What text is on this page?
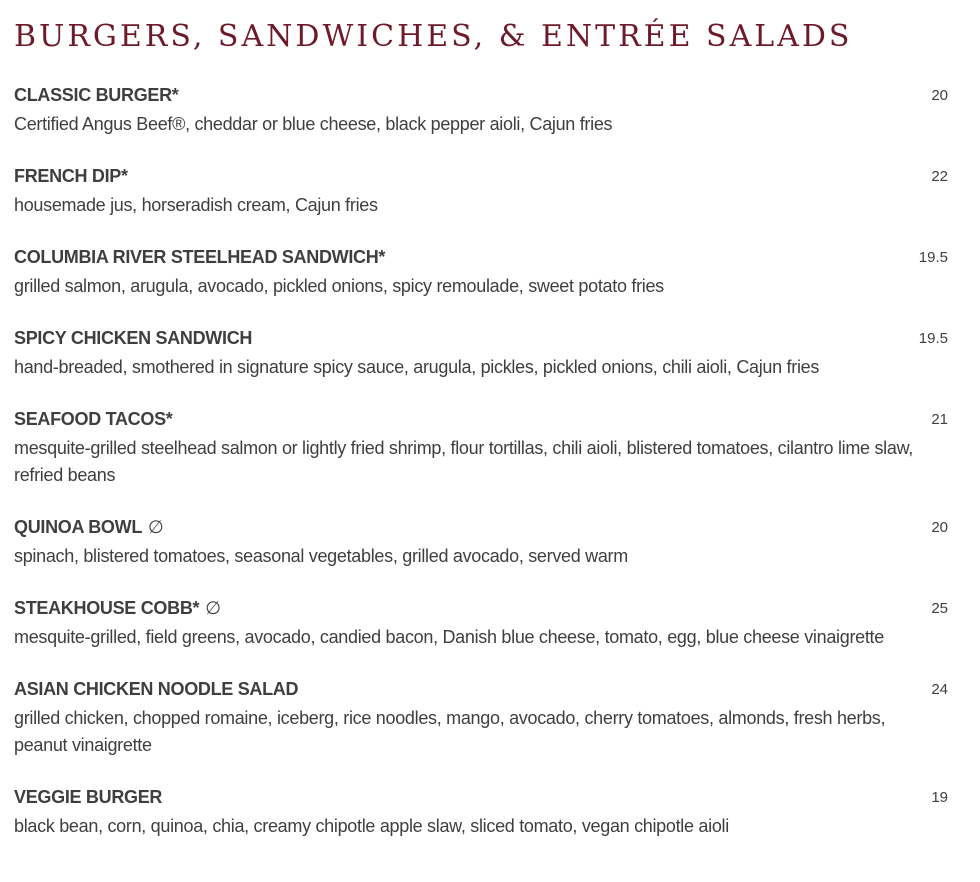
BURGERS, SANDWICHES, & ENTRÉE SALADS
CLASSIC BURGER*	20
Certified Angus Beef®, cheddar or blue cheese, black pepper aioli, Cajun fries
FRENCH DIP*	22
housemade jus, horseradish cream, Cajun fries
COLUMBIA RIVER STEELHEAD SANDWICH*	19.5
grilled salmon, arugula, avocado, pickled onions, spicy remoulade, sweet potato fries
SPICY CHICKEN SANDWICH	19.5
hand-breaded, smothered in signature spicy sauce, arugula, pickles, pickled onions, chili aioli, Cajun fries
SEAFOOD TACOS*	21
mesquite-grilled steelhead salmon or lightly fried shrimp, flour tortillas, chili aioli, blistered tomatoes, cilantro lime slaw, refried beans
QUINOA BOWL ∅	20
spinach, blistered tomatoes, seasonal vegetables, grilled avocado, served warm
STEAKHOUSE COBB* ∅	25
mesquite-grilled, field greens, avocado, candied bacon, Danish blue cheese, tomato, egg, blue cheese vinaigrette
ASIAN CHICKEN NOODLE SALAD	24
grilled chicken, chopped romaine, iceberg, rice noodles, mango, avocado, cherry tomatoes, almonds, fresh herbs, peanut vinaigrette
VEGGIE BURGER	19
black bean, corn, quinoa, chia, creamy chipotle apple slaw, sliced tomato, vegan chipotle aioli
